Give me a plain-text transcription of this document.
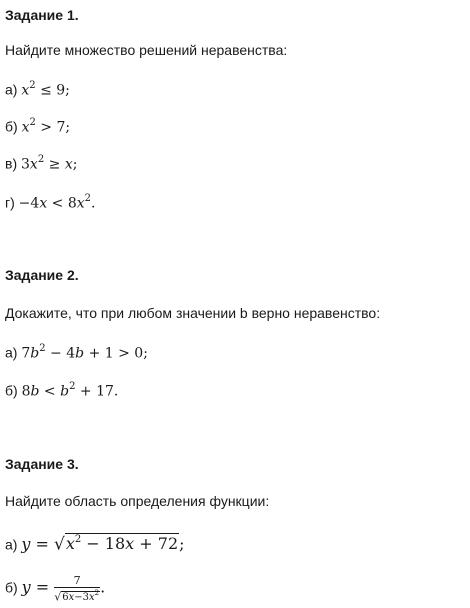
Задание 1.
Найдите множество решений неравенства:
а) $x^2 \le 9$;
б) $x^2 > 7$;
в) $3x^2 \ge x$;
$г) -4x < 8x^2$.
Задание 2.
Докажите, что при любом значении b верно неравенство:
а) $7b^2 - 4b + 1 > 0$;
б) $8b < b^2 + 17$.
Задание 3.
Найдите область определения функции:
а) $y = √x^2 - 18x + 72$;
б) $y = \frac{7}{√6x-3x^2}$ .
